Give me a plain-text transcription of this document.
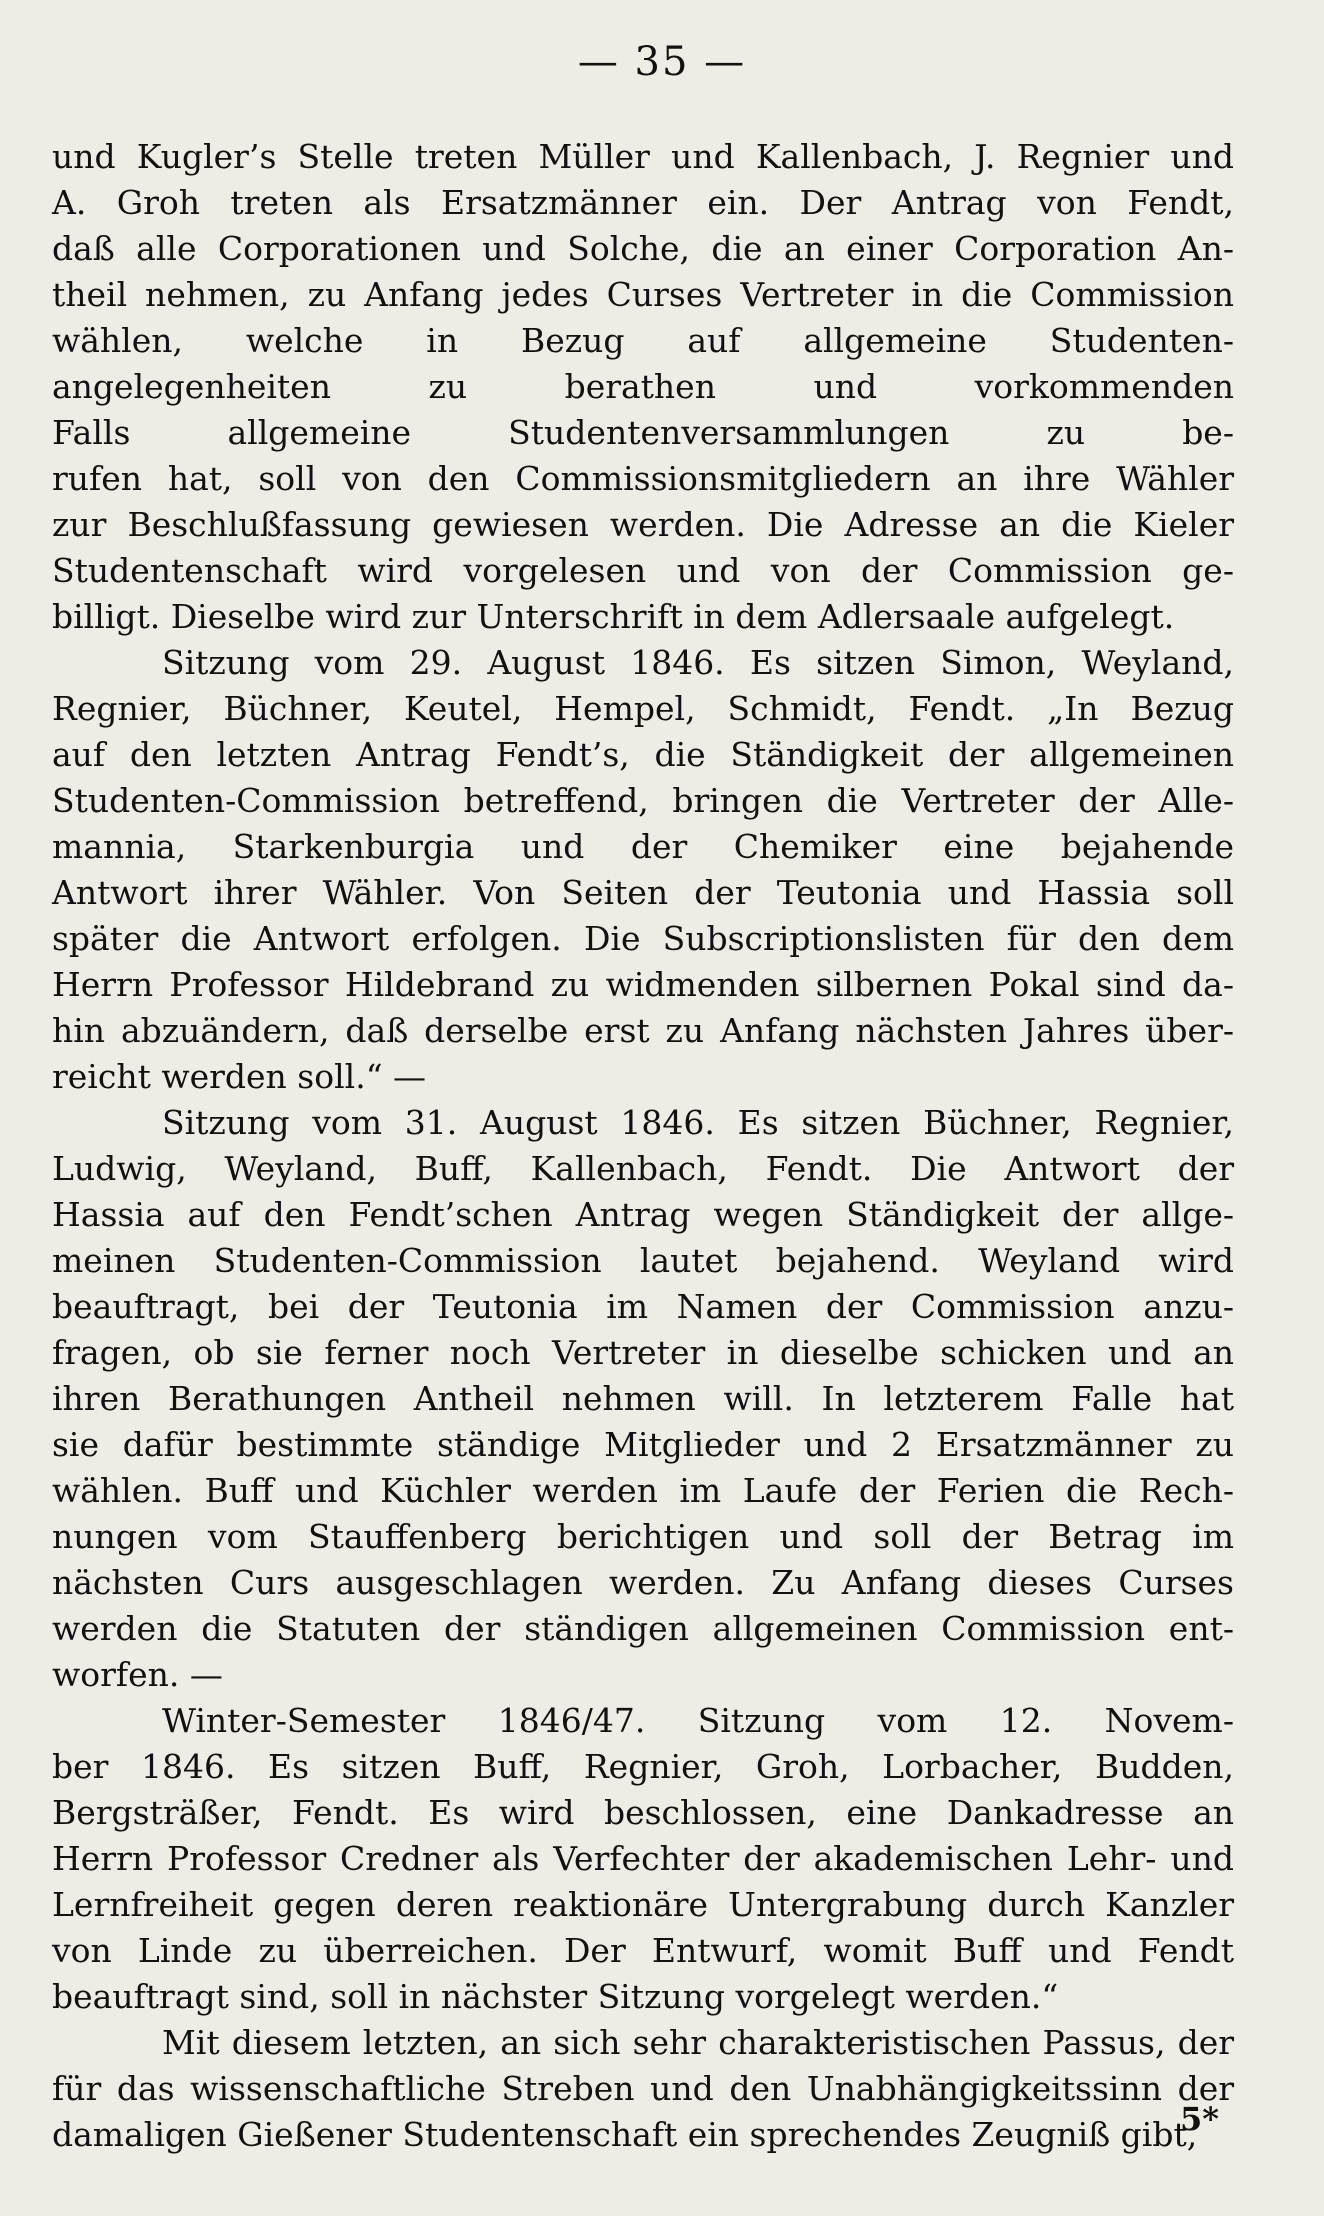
— 35 —
und Kugler’s Stelle treten Müller und Kallenbach, J. Regnier und
A. Groh treten als Ersatzmänner ein. Der Antrag von Fendt,
daß alle Corporationen und Solche, die an einer Corporation An-
theil nehmen, zu Anfang jedes Curses Vertreter in die Commission
wählen, welche in Bezug auf allgemeine Studenten-
angelegenheiten zu berathen und vorkommenden
Falls allgemeine Studentenversammlungen zu be-
rufen hat, soll von den Commissionsmitgliedern an ihre Wähler
zur Beschlußfassung gewiesen werden. Die Adresse an die Kieler
Studentenschaft wird vorgelesen und von der Commission ge-
billigt. Dieselbe wird zur Unterschrift in dem Adlersaale aufgelegt.
Sitzung vom 29. August 1846. Es sitzen Simon, Weyland,
Regnier, Büchner, Keutel, Hempel, Schmidt, Fendt. „In Bezug
auf den letzten Antrag Fendt’s, die Ständigkeit der allgemeinen
Studenten-Commission betreffend, bringen die Vertreter der Alle-
mannia, Starkenburgia und der Chemiker eine bejahende
Antwort ihrer Wähler. Von Seiten der Teutonia und Hassia soll
später die Antwort erfolgen. Die Subscriptionslisten für den dem
Herrn Professor Hildebrand zu widmenden silbernen Pokal sind da-
hin abzuändern, daß derselbe erst zu Anfang nächsten Jahres über-
reicht werden soll.“ —
Sitzung vom 31. August 1846. Es sitzen Büchner, Regnier,
Ludwig, Weyland, Buff, Kallenbach, Fendt. Die Antwort der
Hassia auf den Fendt’schen Antrag wegen Ständigkeit der allge-
meinen Studenten-Commission lautet bejahend. Weyland wird
beauftragt, bei der Teutonia im Namen der Commission anzu-
fragen, ob sie ferner noch Vertreter in dieselbe schicken und an
ihren Berathungen Antheil nehmen will. In letzterem Falle hat
sie dafür bestimmte ständige Mitglieder und 2 Ersatzmänner zu
wählen. Buff und Küchler werden im Laufe der Ferien die Rech-
nungen vom Stauffenberg berichtigen und soll der Betrag im
nächsten Curs ausgeschlagen werden. Zu Anfang dieses Curses
werden die Statuten der ständigen allgemeinen Commission ent-
worfen. —
Winter-Semester 1846/47. Sitzung vom 12. Novem-
ber 1846. Es sitzen Buff, Regnier, Groh, Lorbacher, Budden,
Bergsträßer, Fendt. Es wird beschlossen, eine Dankadresse an
Herrn Professor Credner als Verfechter der akademischen Lehr- und
Lernfreiheit gegen deren reaktionäre Untergrabung durch Kanzler
von Linde zu überreichen. Der Entwurf, womit Buff und Fendt
beauftragt sind, soll in nächster Sitzung vorgelegt werden.“
Mit diesem letzten, an sich sehr charakteristischen Passus, der
für das wissenschaftliche Streben und den Unabhängigkeitssinn der
damaligen Gießener Studentenschaft ein sprechendes Zeugniß gibt,
5*
